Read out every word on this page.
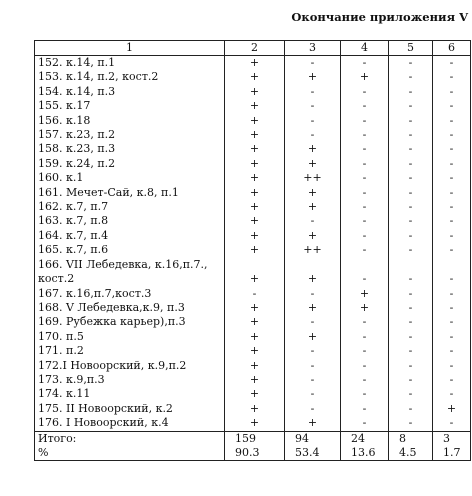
Окончание приложения V
1	2	3	4	5	6
152. к.14, п.1	+	-	-	-	-
153. к.14, п.2, кост.2	+	+	+	-	-
154. к.14, п.3	+	-	-	-	-
155. к.17	+	-	-	-	-
156. к.18	+	-	-	-	-
157. к.23, п.2	+	-	-	-	-
158. к.23, п.3	+	+	-	-	-
159. к.24, п.2	+	+	-	-	-
160. к.1	+	++	-	-	-
161. Мечет-Сай, к.8, п.1	+	+	-	-	-
162. к.7, п.7	+	+	-	-	-
163. к.7, п.8	+	-	-	-	-
164. к.7, п.4	+	+	-	-	-
165. к.7, п.6	+	++	-	-	-
166. VII Лебедевка, к.16,п.7.,					
кост.2	+	+	-	-	-
167. к.16,п.7,кост.3	-	-	+	-	-
168. V Лебедевка,к.9, п.3	+	+	+	-	-
169. Рубежка карьер),п.3	+	-	-	-	-
170. п.5	+	+	-	-	-
171. п.2	+	-	-	-	-
172.I Новоорский, к.9,п.2	+	-	-	-	-
173. к.9,п.3	+	-	-	-	-
174. к.11	+	-	-	-	-
175. II Новоорский, к.2	+	-	-	-	+
176. I Новоорский, к.4	+	+	-	-	-
Итого:	159	94	24	8	3
%	90.3	53.4	13.6	4.5	1.7
